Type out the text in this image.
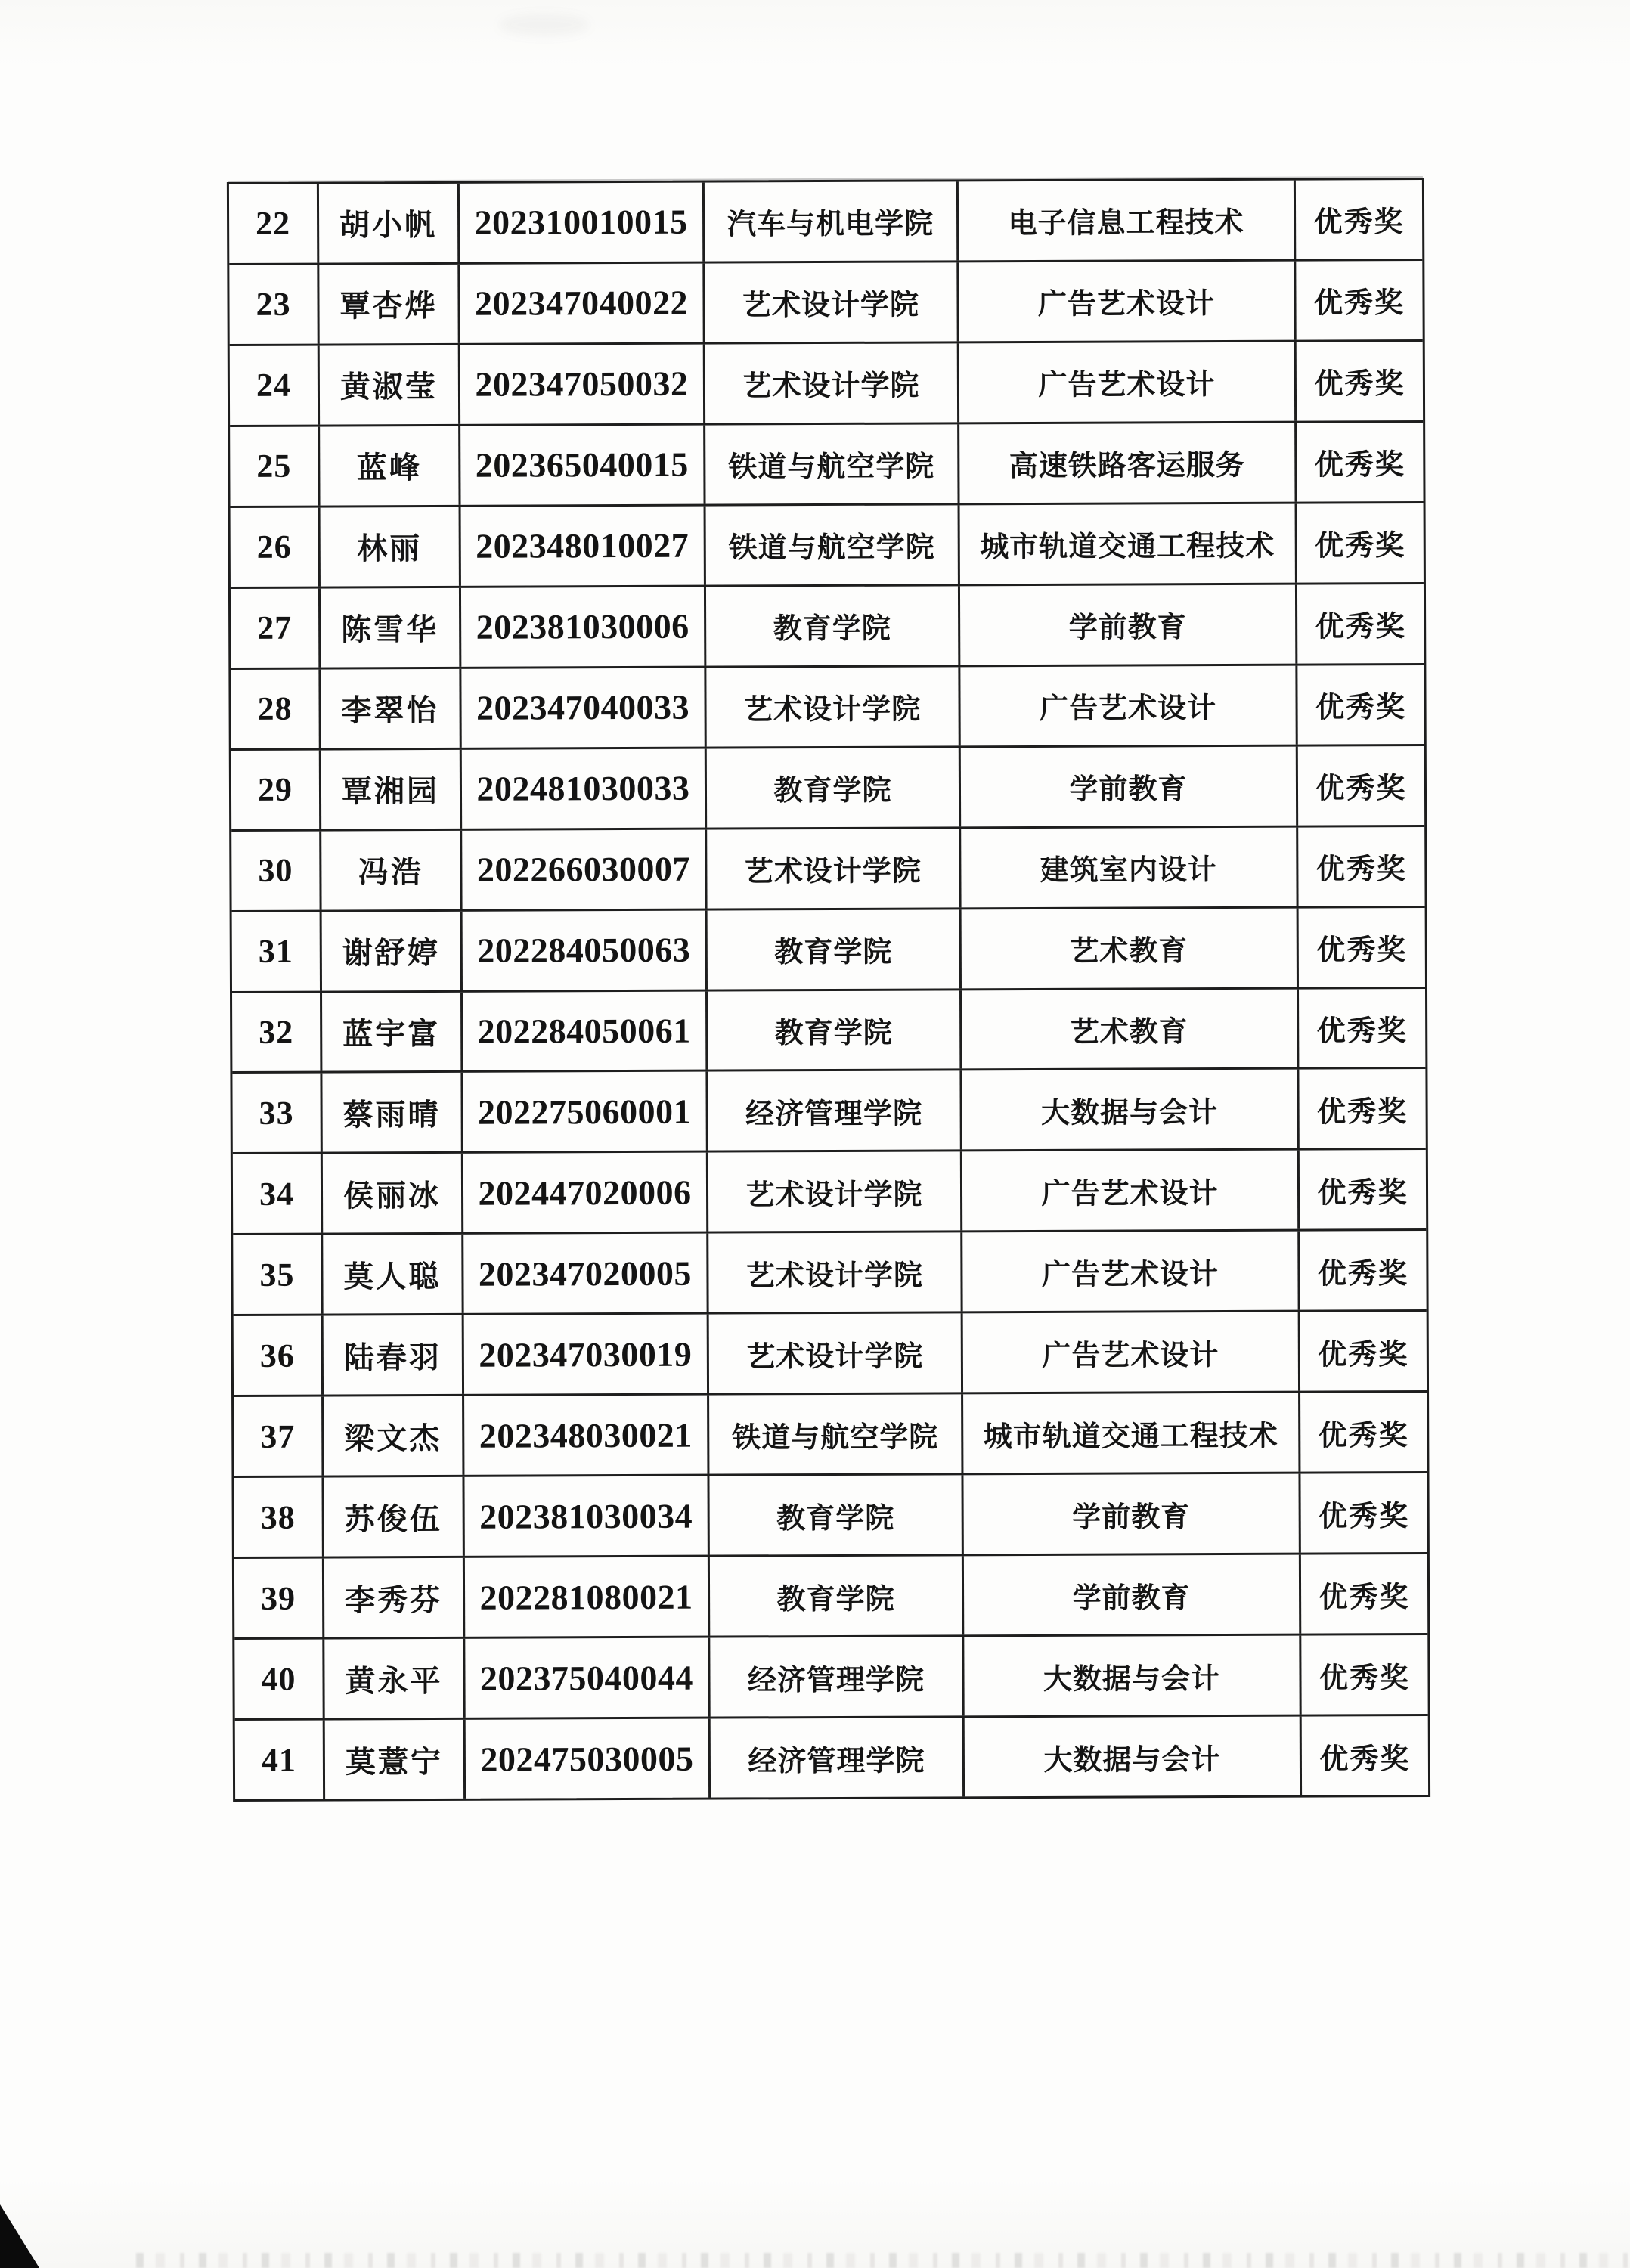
22	胡小帆	202310010015	汽车与机电学院	电子信息工程技术	优秀奖
23	覃杏烨	202347040022	艺术设计学院	广告艺术设计	优秀奖
24	黄淑莹	202347050032	艺术设计学院	广告艺术设计	优秀奖
25	蓝峰	202365040015	铁道与航空学院	高速铁路客运服务	优秀奖
26	林丽	202348010027	铁道与航空学院	城市轨道交通工程技术	优秀奖
27	陈雪华	202381030006	教育学院	学前教育	优秀奖
28	李翠怡	202347040033	艺术设计学院	广告艺术设计	优秀奖
29	覃湘园	202481030033	教育学院	学前教育	优秀奖
30	冯浩	202266030007	艺术设计学院	建筑室内设计	优秀奖
31	谢舒婷	202284050063	教育学院	艺术教育	优秀奖
32	蓝宇富	202284050061	教育学院	艺术教育	优秀奖
33	蔡雨晴	202275060001	经济管理学院	大数据与会计	优秀奖
34	侯丽冰	202447020006	艺术设计学院	广告艺术设计	优秀奖
35	莫人聪	202347020005	艺术设计学院	广告艺术设计	优秀奖
36	陆春羽	202347030019	艺术设计学院	广告艺术设计	优秀奖
37	梁文杰	202348030021	铁道与航空学院	城市轨道交通工程技术	优秀奖
38	苏俊伍	202381030034	教育学院	学前教育	优秀奖
39	李秀芬	202281080021	教育学院	学前教育	优秀奖
40	黄永平	202375040044	经济管理学院	大数据与会计	优秀奖
41	莫薏宁	202475030005	经济管理学院	大数据与会计	优秀奖
